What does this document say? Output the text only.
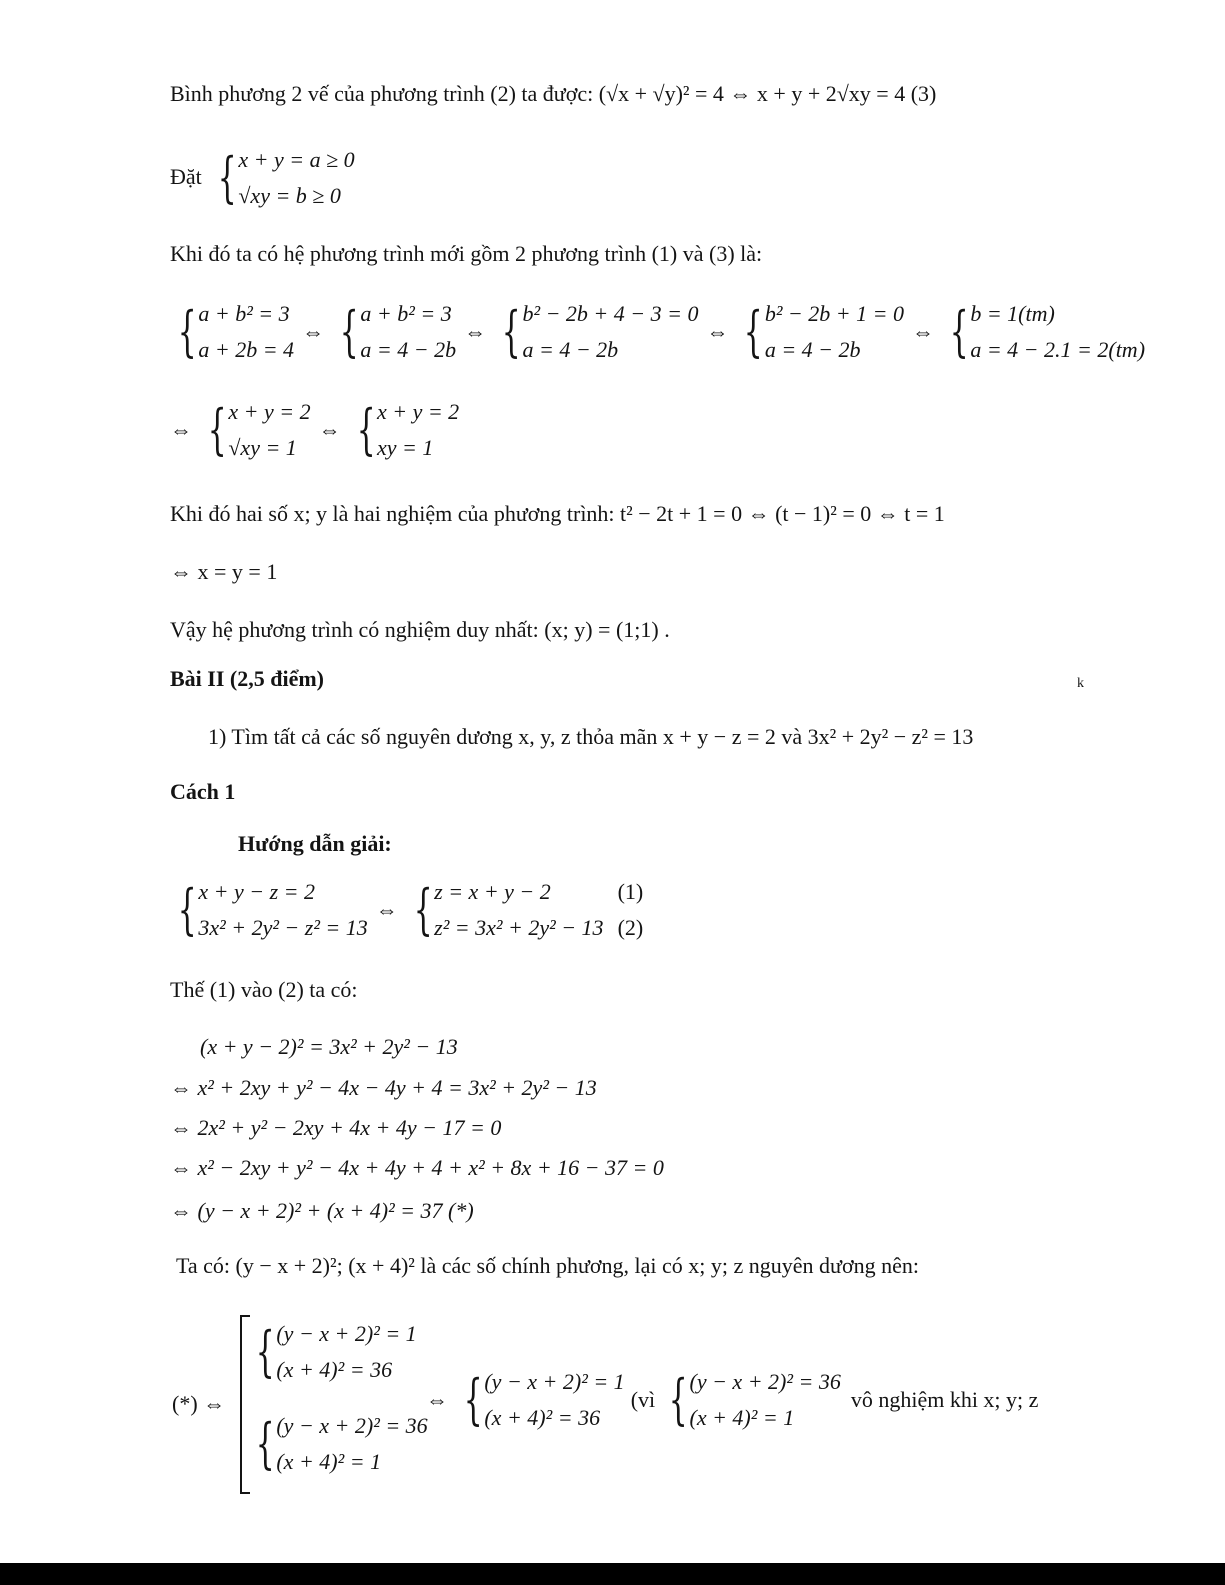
Bình phương 2 vế của phương trình (2) ta được: (√x + √y)² = 4 ⇔ x + y + 2√xy = 4 (3)
Đặt { x + y = a ≥ 0
√xy = b ≥ 0
Khi đó ta có hệ phương trình mới gồm 2 phương trình (1) và (3) là:
{ a + b² = 3
a + 2b = 4
⇔ { a + b² = 3
a = 4 − 2b
⇔ { b² − 2b + 4 − 3 = 0
a = 4 − 2b
⇔ { b² − 2b + 1 = 0
a = 4 − 2b
⇔ { b = 1(tm)
a = 4 − 2.1 = 2(tm)
⇔ { x + y = 2
√xy = 1
⇔ { x + y = 2
xy = 1
Khi đó hai số x; y là hai nghiệm của phương trình: t² − 2t + 1 = 0 ⇔ (t − 1)² = 0 ⇔ t = 1
⇔ x = y = 1
Vậy hệ phương trình có nghiệm duy nhất: (x; y) = (1;1) .
Bài II (2,5 điểm)	k
1) Tìm tất cả các số nguyên dương x, y, z thỏa mãn x + y − z = 2 và 3x² + 2y² − z² = 13
Cách 1
Hướng dẫn giải:
{ x + y − z = 2
3x² + 2y² − z² = 13
⇔ { z = x + y − 2
z² = 3x² + 2y² − 13
(1)
(2)
Thế (1) vào (2) ta có:
(x + y − 2)² = 3x² + 2y² − 13
⇔ x² + 2xy + y² − 4x − 4y + 4 = 3x² + 2y² − 13
⇔ 2x² + y² − 2xy + 4x + 4y − 17 = 0
⇔ x² − 2xy + y² − 4x + 4y + 4 + x² + 8x + 16 − 37 = 0
⇔ (y − x + 2)² + (x + 4)² = 37 (*)
Ta có: (y − x + 2)²; (x + 4)² là các số chính phương, lại có x; y; z nguyên dương nên:
(*) ⇔
{ (y − x + 2)² = 1
(x + 4)² = 36
{ (y − x + 2)² = 36
(x + 4)² = 1
⇔ { (y − x + 2)² = 1
(x + 4)² = 36
(vì { (y − x + 2)² = 36
(x + 4)² = 1
vô nghiệm khi x; y; z
